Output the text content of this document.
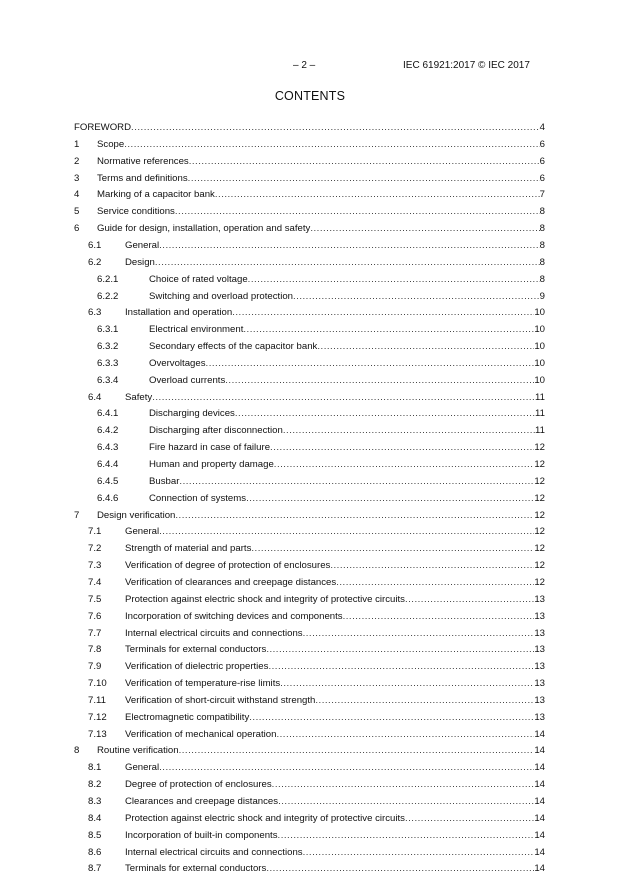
– 2 –	IEC 61921:2017 © IEC 2017
CONTENTS
FOREWORD .....	4
1 Scope .....	6
2 Normative references .....	6
3 Terms and definitions .....	6
4 Marking of a capacitor bank .....	7
5 Service conditions .....	8
6 Guide for design, installation, operation and safety .....	8
6.1 General .....	8
6.2 Design .....	8
6.2.1	Choice of rated voltage .....	8
6.2.2	Switching and overload protection .....	9
6.3 Installation and operation .....	10
6.3.1	Electrical environment .....	10
6.3.2	Secondary effects of the capacitor bank .....	10
6.3.3	Overvoltages .....	10
6.3.4	Overload currents .....	10
6.4 Safety .....	11
6.4.1	Discharging devices .....	11
6.4.2	Discharging after disconnection .....	11
6.4.3	Fire hazard in case of failure .....	12
6.4.4	Human and property damage .....	12
6.4.5	Busbar .....	12
6.4.6	Connection of systems .....	12
7 Design verification .....	12
7.1 General .....	12
7.2 Strength of material and parts .....	12
7.3 Verification of degree of protection of enclosures .....	12
7.4 Verification of clearances and creepage distances .....	12
7.5 Protection against electric shock and integrity of protective circuits .....	13
7.6 Incorporation of switching devices and components .....	13
7.7 Internal electrical circuits and connections .....	13
7.8 Terminals for external conductors .....	13
7.9 Verification of dielectric properties .....	13
7.10 Verification of temperature-rise limits .....	13
7.11 Verification of short-circuit withstand strength .....	13
7.12 Electromagnetic compatibility .....	13
7.13 Verification of mechanical operation .....	14
8 Routine verification .....	14
8.1 General .....	14
8.2 Degree of protection of enclosures .....	14
8.3 Clearances and creepage distances .....	14
8.4 Protection against electric shock and integrity of protective circuits .....	14
8.5 Incorporation of built-in components .....	14
8.6 Internal electrical circuits and connections .....	14
8.7 Terminals for external conductors .....	14
